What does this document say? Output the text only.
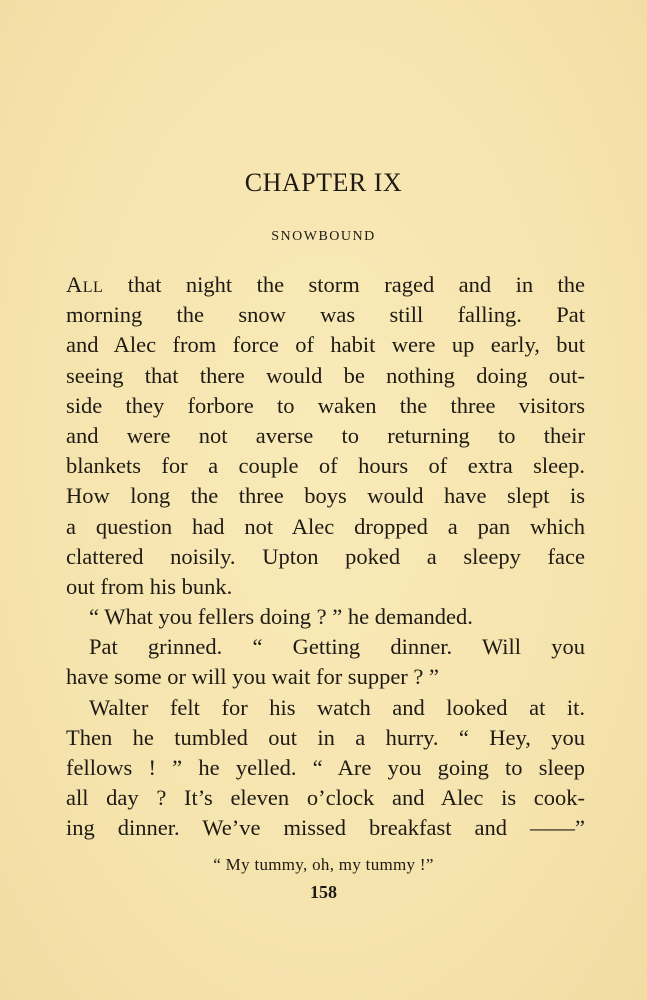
CHAPTER IX
SNOWBOUND
All that night the storm raged and in the
morning the snow was still falling. Pat
and Alec from force of habit were up early, but
seeing that there would be nothing doing out-
side they forbore to waken the three visitors
and were not averse to returning to their
blankets for a couple of hours of extra sleep.
How long the three boys would have slept is
a question had not Alec dropped a pan which
clattered noisily. Upton poked a sleepy face
out from his bunk.
“ What you fellers doing ? ” he demanded.
Pat grinned. “ Getting dinner. Will you
have some or will you wait for supper ? ”
Walter felt for his watch and looked at it.
Then he tumbled out in a hurry. “ Hey, you
fellows ! ” he yelled. “ Are you going to sleep
all day ? It’s eleven o’clock and Alec is cook-
ing dinner. We’ve missed breakfast and ——”
“ My tummy, oh, my tummy !”
158
